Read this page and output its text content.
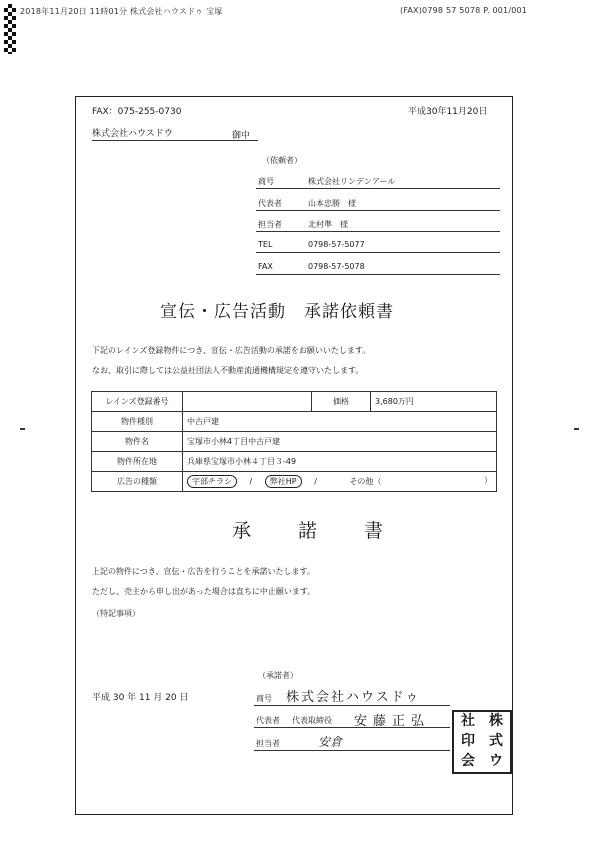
2018年11月20日 11時01分 株式会社ハウスドゥ 宝塚	(FAX)0798 57 5078 P. 001/001
FAX：075-255-0730	平成30年11月20日
株式会社ハウスドウ	御中
（依頼者）
商号	株式会社リンデンアール
代表者	山本忠勝　様
担当者	北村準　様
TEL	0798-57-5077
FAX	0798-57-5078
宣伝・広告活動　承諾依頼書
下記のレインズ登録物件につき、宣伝・広告活動の承諾をお願いいたします。
なお、取引に際しては公益社団法人不動産流通機構規定を遵守いたします。
レインズ登録番号		価格	3,680万円
物件種別	中古戸建		
物件名	宝塚市小林4丁目中古戸建		
物件所在地	兵庫県宝塚市小林４丁目３-49		
広告の種類	宇部チラシ / 弊社HP / その他（ ）		
承　諾　書
上記の物件につき、宣伝・広告を行うことを承諾いたします。
ただし、売主から申し出があった場合は直ちに中止願います。
（特記事項）
（承諾者）
平成 30 年 11 月 20 日	商号 株式会社ハウスドゥ
代表者 代表取締役 安藤正弘
担当者	安倉
社	株
印	式
会	ウ
